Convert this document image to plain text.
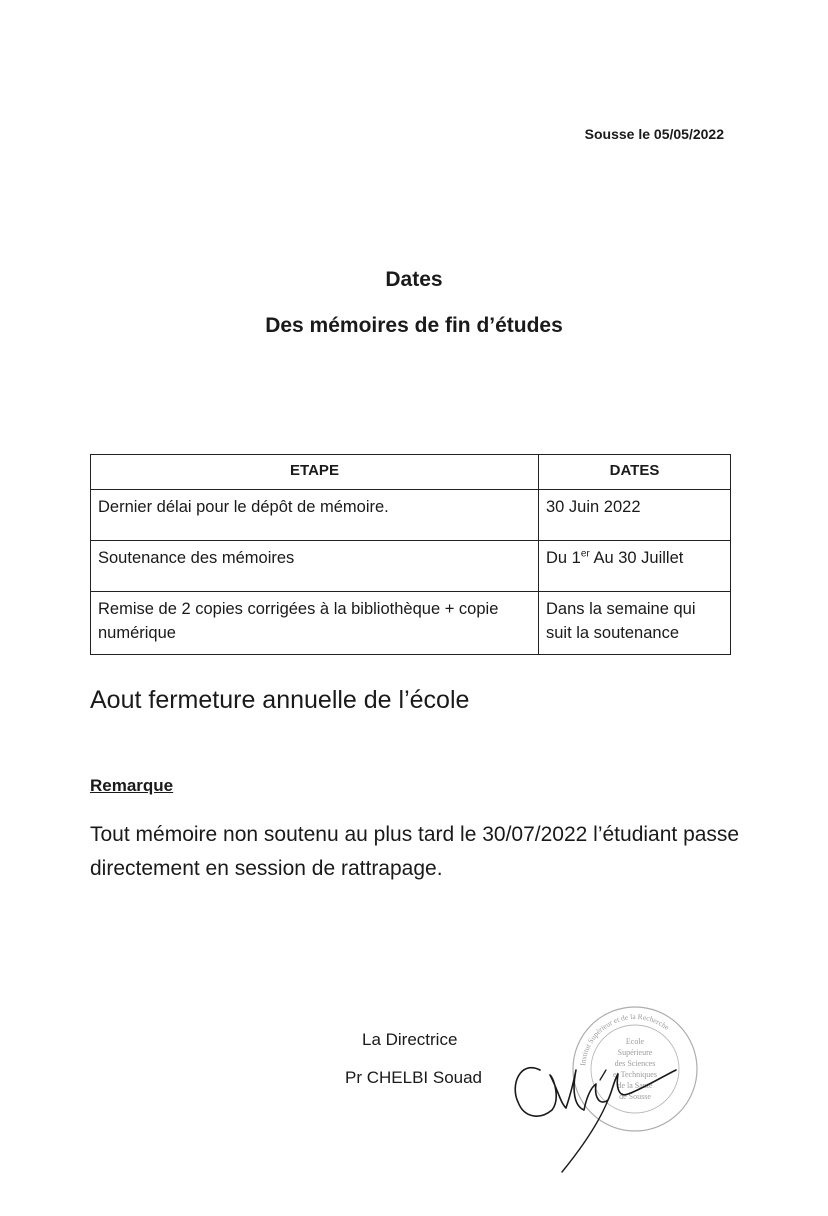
Sousse le 05/05/2022
Dates
Des mémoires de fin d’études
ETAPE	DATES
Dernier délai pour le dépôt de mémoire.	30 Juin 2022
Soutenance des mémoires	Du 1er Au 30 Juillet
Remise de 2 copies corrigées à la bibliothèque + copie numérique	Dans la semaine qui suit la soutenance
Aout fermeture annuelle de l’école
Remarque
Tout mémoire non soutenu au plus tard le 30/07/2022 l’étudiant passe directement en session de rattrapage.
La Directrice
Pr CHELBI Souad
Ecole
Supérieure
des Sciences
et Techniques
de la Santé
de Sousse
Institut Supérieur et de la Recherche
